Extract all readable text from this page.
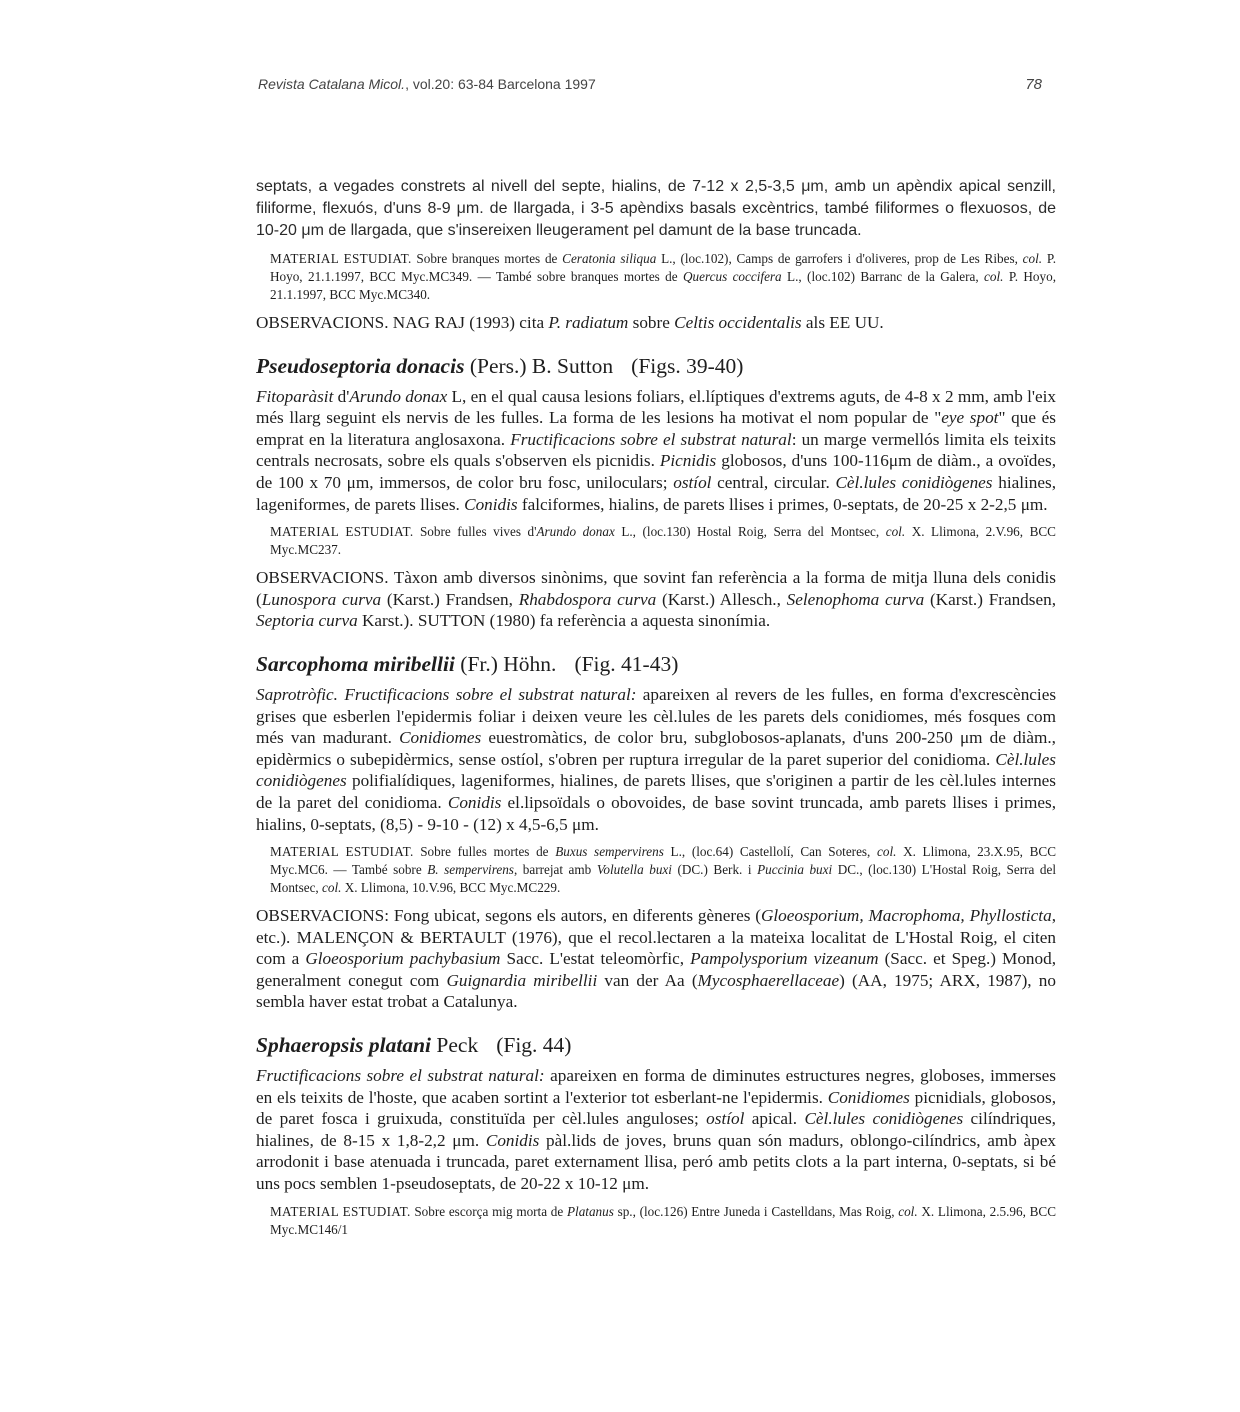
Revista Catalana Micol., vol.20: 63-84 Barcelona 1997	78

septats, a vegades constrets al nivell del septe, hialins, de 7-12 x 2,5-3,5 μm, amb un apèndix apical senzill, filiforme, flexuós, d'uns 8-9 μm. de llargada, i 3-5 apèndixs basals excèntrics, també filiformes o flexuosos, de 10-20 μm de llargada, que s'insereixen lleugerament pel damunt de la base truncada.

MATERIAL ESTUDIAT. Sobre branques mortes de Ceratonia siliqua L., (loc.102), Camps de garrofers i d'oliveres, prop de Les Ribes, col. P. Hoyo, 21.1.1997, BCC Myc.MC349. — També sobre branques mortes de Quercus coccifera L., (loc.102) Barranc de la Galera, col. P. Hoyo, 21.1.1997, BCC Myc.MC340.

OBSERVACIONS. NAG RAJ (1993) cita P. radiatum sobre Celtis occidentalis als EE UU.

Pseudoseptoria donacis (Pers.) B. Sutton (Figs. 39-40)

Fitoparàsit d'Arundo donax L, en el qual causa lesions foliars, el.líptiques d'extrems aguts, de 4-8 x 2 mm, amb l'eix més llarg seguint els nervis de les fulles. La forma de les lesions ha motivat el nom popular de "eye spot" que és emprat en la literatura anglosaxona. Fructificacions sobre el substrat natural: un marge vermellós limita els teixits centrals necrosats, sobre els quals s'observen els picnidis. Picnidis globosos, d'uns 100-116μm de diàm., a ovoïdes, de 100 x 70 μm, immersos, de color bru fosc, uniloculars; ostíol central, circular. Cèl.lules conidiògenes hialines, lageniformes, de parets llises. Conidis falciformes, hialins, de parets llises i primes, 0-septats, de 20-25 x 2-2,5 μm.

MATERIAL ESTUDIAT. Sobre fulles vives d'Arundo donax L., (loc.130) Hostal Roig, Serra del Montsec, col. X. Llimona, 2.V.96, BCC Myc.MC237.

OBSERVACIONS. Tàxon amb diversos sinònims, que sovint fan referència a la forma de mitja lluna dels conidis (Lunospora curva (Karst.) Frandsen, Rhabdospora curva (Karst.) Allesch., Selenophoma curva (Karst.) Frandsen, Septoria curva Karst.). SUTTON (1980) fa referència a aquesta sinonímia.

Sarcophoma miribellii (Fr.) Höhn. (Fig. 41-43)

Saprotròfic. Fructificacions sobre el substrat natural: apareixen al revers de les fulles, en forma d'excrescències grises que esberlen l'epidermis foliar i deixen veure les cèl.lules de les parets dels conidiomes, més fosques com més van madurant. Conidiomes euestromàtics, de color bru, subglobosos-aplanats, d'uns 200-250 μm de diàm., epidèrmics o subepidèrmics, sense ostíol, s'obren per ruptura irregular de la paret superior del conidioma. Cèl.lules conidiògenes polifialídiques, lageniformes, hialines, de parets llises, que s'originen a partir de les cèl.lules internes de la paret del conidioma. Conidis el.lipsoïdals o obovoides, de base sovint truncada, amb parets llises i primes, hialins, 0-septats, (8,5) - 9-10 - (12) x 4,5-6,5 μm.

MATERIAL ESTUDIAT. Sobre fulles mortes de Buxus sempervirens L., (loc.64) Castellolí, Can Soteres, col. X. Llimona, 23.X.95, BCC Myc.MC6. — També sobre B. sempervirens, barrejat amb Volutella buxi (DC.) Berk. i Puccinia buxi DC., (loc.130) L'Hostal Roig, Serra del Montsec, col. X. Llimona, 10.V.96, BCC Myc.MC229.

OBSERVACIONS: Fong ubicat, segons els autors, en diferents gèneres (Gloeosporium, Macrophoma, Phyllosticta, etc.). MALENÇON & BERTAULT (1976), que el recol.lectaren a la mateixa localitat de L'Hostal Roig, el citen com a Gloeosporium pachybasium Sacc. L'estat teleomòrfic, Pampolysporium vizeanum (Sacc. et Speg.) Monod, generalment conegut com Guignardia miribellii van der Aa (Mycosphaerellaceae) (AA, 1975; ARX, 1987), no sembla haver estat trobat a Catalunya.

Sphaeropsis platani Peck (Fig. 44)

Fructificacions sobre el substrat natural: apareixen en forma de diminutes estructures negres, globoses, immerses en els teixits de l'hoste, que acaben sortint a l'exterior tot esberlant-ne l'epidermis. Conidiomes picnidials, globosos, de paret fosca i gruixuda, constituïda per cèl.lules anguloses; ostíol apical. Cèl.lules conidiògenes cilíndriques, hialines, de 8-15 x 1,8-2,2 μm. Conidis pàl.lids de joves, bruns quan són madurs, oblongo-cilíndrics, amb àpex arrodonit i base atenuada i truncada, paret externament llisa, peró amb petits clots a la part interna, 0-septats, si bé uns pocs semblen 1-pseudoseptats, de 20-22 x 10-12 μm.

MATERIAL ESTUDIAT. Sobre escorça mig morta de Platanus sp., (loc.126) Entre Juneda i Castelldans, Mas Roig, col. X. Llimona, 2.5.96, BCC Myc.MC146/1
